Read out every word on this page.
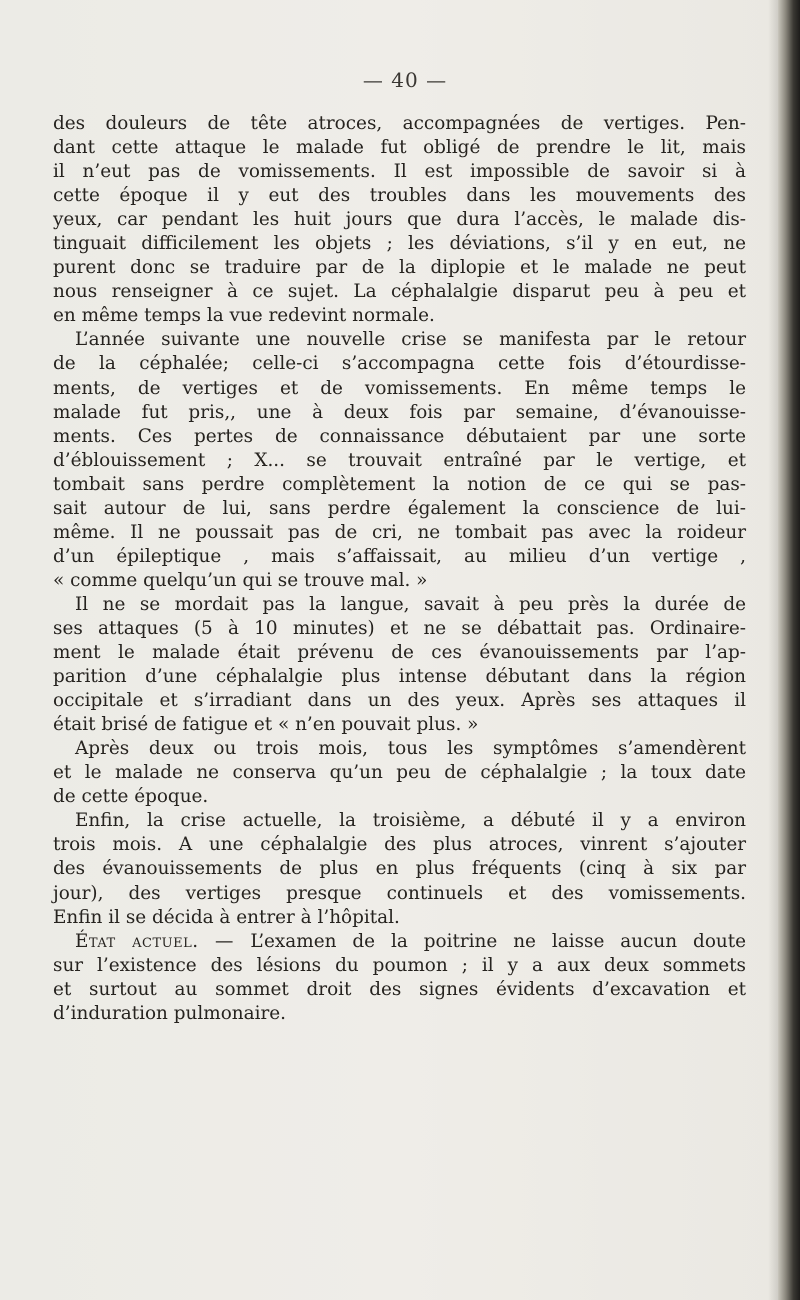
— 40 —
des douleurs de tête atroces, accompagnées de vertiges. Pen-
dant cette attaque le malade fut obligé de prendre le lit, mais
il n’eut pas de vomissements. Il est impossible de savoir si à
cette époque il y eut des troubles dans les mouvements des
yeux, car pendant les huit jours que dura l’accès, le malade dis-
tinguait difficilement les objets ; les déviations, s’il y en eut, ne
purent donc se traduire par de la diplopie et le malade ne peut
nous renseigner à ce sujet. La céphalalgie disparut peu à peu et
en même temps la vue redevint normale.
L’année suivante une nouvelle crise se manifesta par le retour
de la céphalée; celle-ci s’accompagna cette fois d’étourdisse-
ments, de vertiges et de vomissements. En même temps le
malade fut pris,, une à deux fois par semaine, d’évanouisse-
ments. Ces pertes de connaissance débutaient par une sorte
d’éblouissement ; X... se trouvait entraîné par le vertige, et
tombait sans perdre complètement la notion de ce qui se pas-
sait autour de lui, sans perdre également la conscience de lui-
même. Il ne poussait pas de cri, ne tombait pas avec la roideur
d’un épileptique , mais s’affaissait, au milieu d’un vertige ,
« comme quelqu’un qui se trouve mal. »
Il ne se mordait pas la langue, savait à peu près la durée de
ses attaques (5 à 10 minutes) et ne se débattait pas. Ordinaire-
ment le malade était prévenu de ces évanouissements par l’ap-
parition d’une céphalalgie plus intense débutant dans la région
occipitale et s’irradiant dans un des yeux. Après ses attaques il
était brisé de fatigue et « n’en pouvait plus. »
Après deux ou trois mois, tous les symptômes s’amendèrent
et le malade ne conserva qu’un peu de céphalalgie ; la toux date
de cette époque.
Enfin, la crise actuelle, la troisième, a débuté il y a environ
trois mois. A une céphalalgie des plus atroces, vinrent s’ajouter
des évanouissements de plus en plus fréquents (cinq à six par
jour), des vertiges presque continuels et des vomissements.
Enfin il se décida à entrer à l’hôpital.
État actuel. — L’examen de la poitrine ne laisse aucun doute
sur l’existence des lésions du poumon ; il y a aux deux sommets
et surtout au sommet droit des signes évidents d’excavation et
d’induration pulmonaire.
